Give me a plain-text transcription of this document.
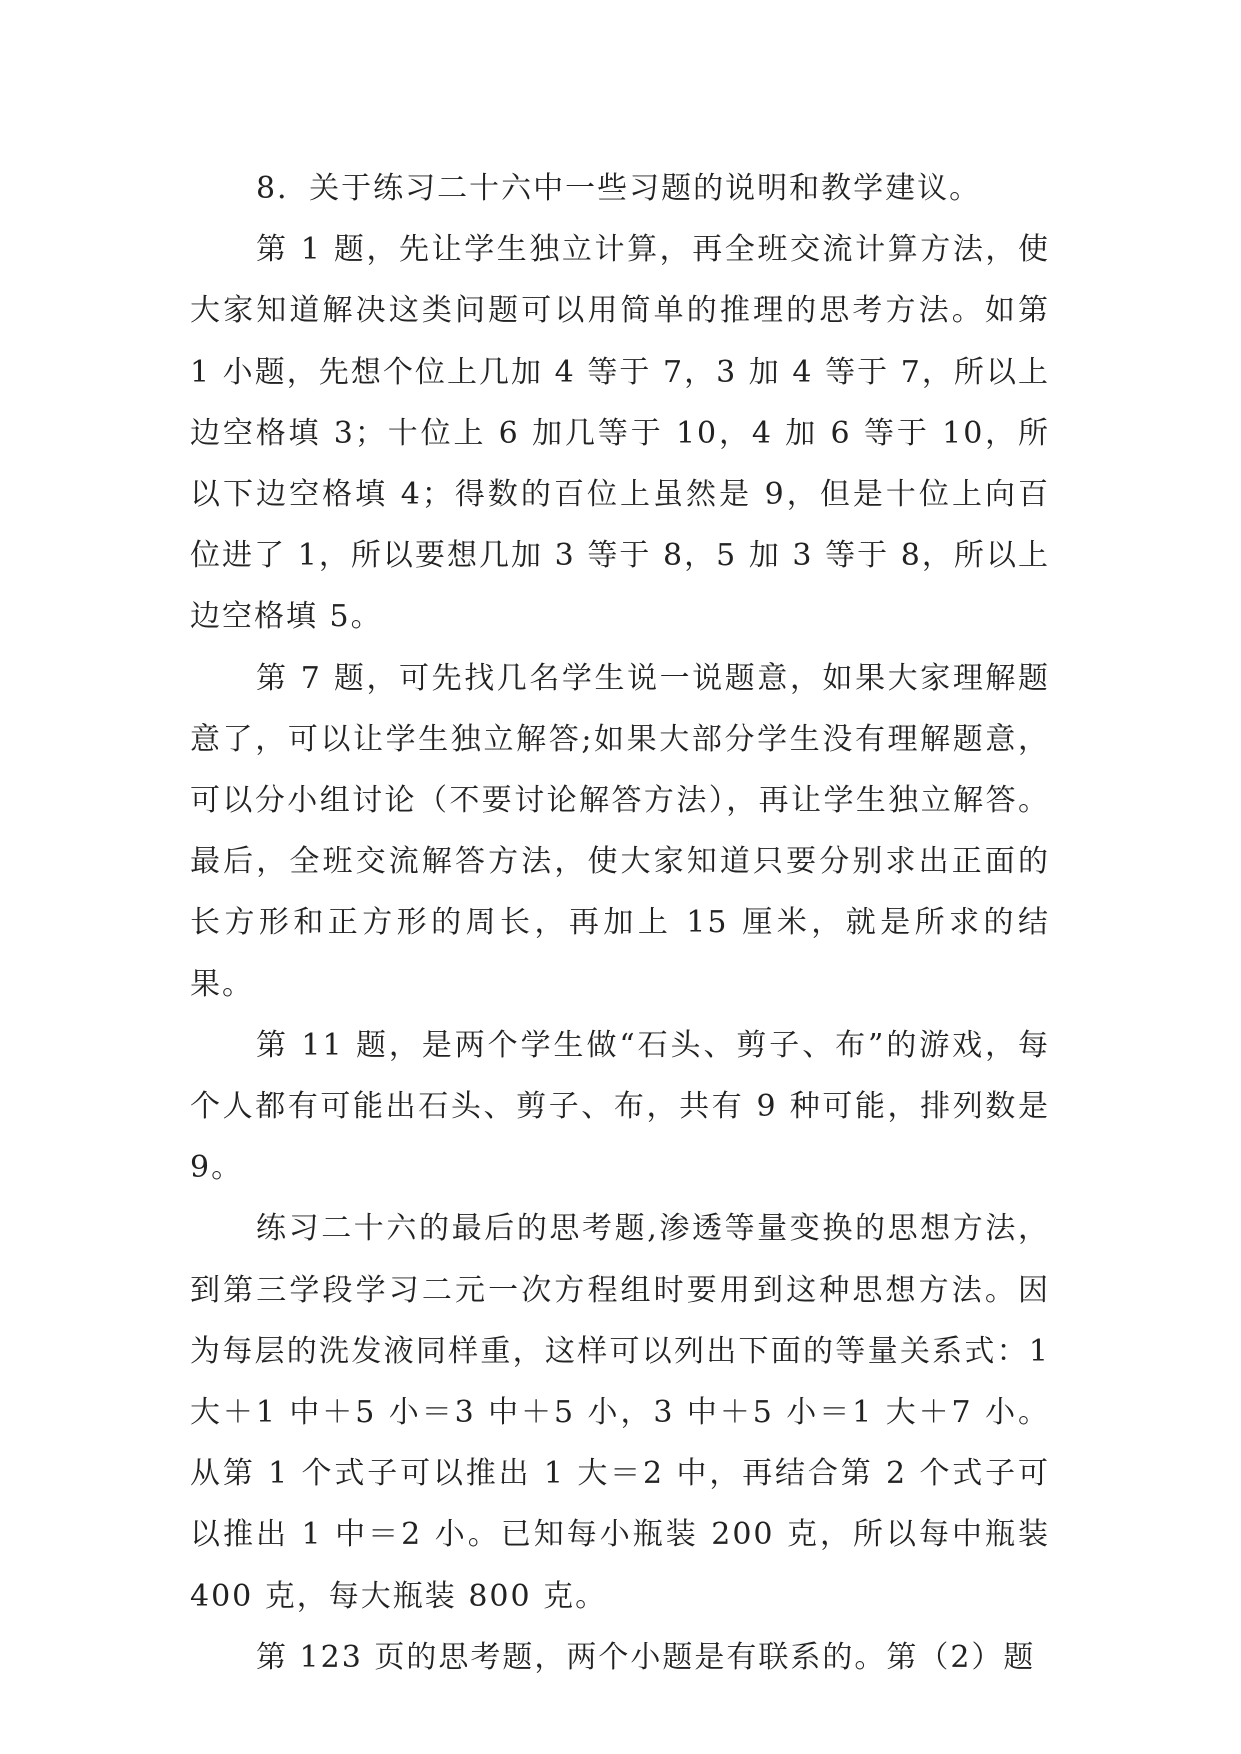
8．关于练习二十六中一些习题的说明和教学建议。

第 1 题，先让学生独立计算，再全班交流计算方法，使大家知道解决这类问题可以用简单的推理的思考方法。如第 1 小题，先想个位上几加 4 等于 7，3 加 4 等于 7，所以上边空格填 3；十位上 6 加几等于 10，4 加 6 等于 10，所以下边空格填 4；得数的百位上虽然是 9，但是十位上向百位进了 1，所以要想几加 3 等于 8，5 加 3 等于 8，所以上边空格填 5。

第 7 题，可先找几名学生说一说题意，如果大家理解题意了，可以让学生独立解答;如果大部分学生没有理解题意，可以分小组讨论（不要讨论解答方法），再让学生独立解答。最后，全班交流解答方法，使大家知道只要分别求出正面的长方形和正方形的周长，再加上 15 厘米，就是所求的结果。

第 11 题，是两个学生做“石头、剪子、布”的游戏，每个人都有可能出石头、剪子、布，共有 9 种可能，排列数是 9。

练习二十六的最后的思考题,渗透等量变换的思想方法，到第三学段学习二元一次方程组时要用到这种思想方法。因为每层的洗发液同样重，这样可以列出下面的等量关系式：1 大＋1 中＋5 小＝3 中＋5 小，3 中＋5 小＝1 大＋7 小。从第 1 个式子可以推出 1 大＝2 中，再结合第 2 个式子可以推出 1 中＝2 小。已知每小瓶装 200 克，所以每中瓶装 400 克，每大瓶装 800 克。

第 123 页的思考题，两个小题是有联系的。第（2）题
